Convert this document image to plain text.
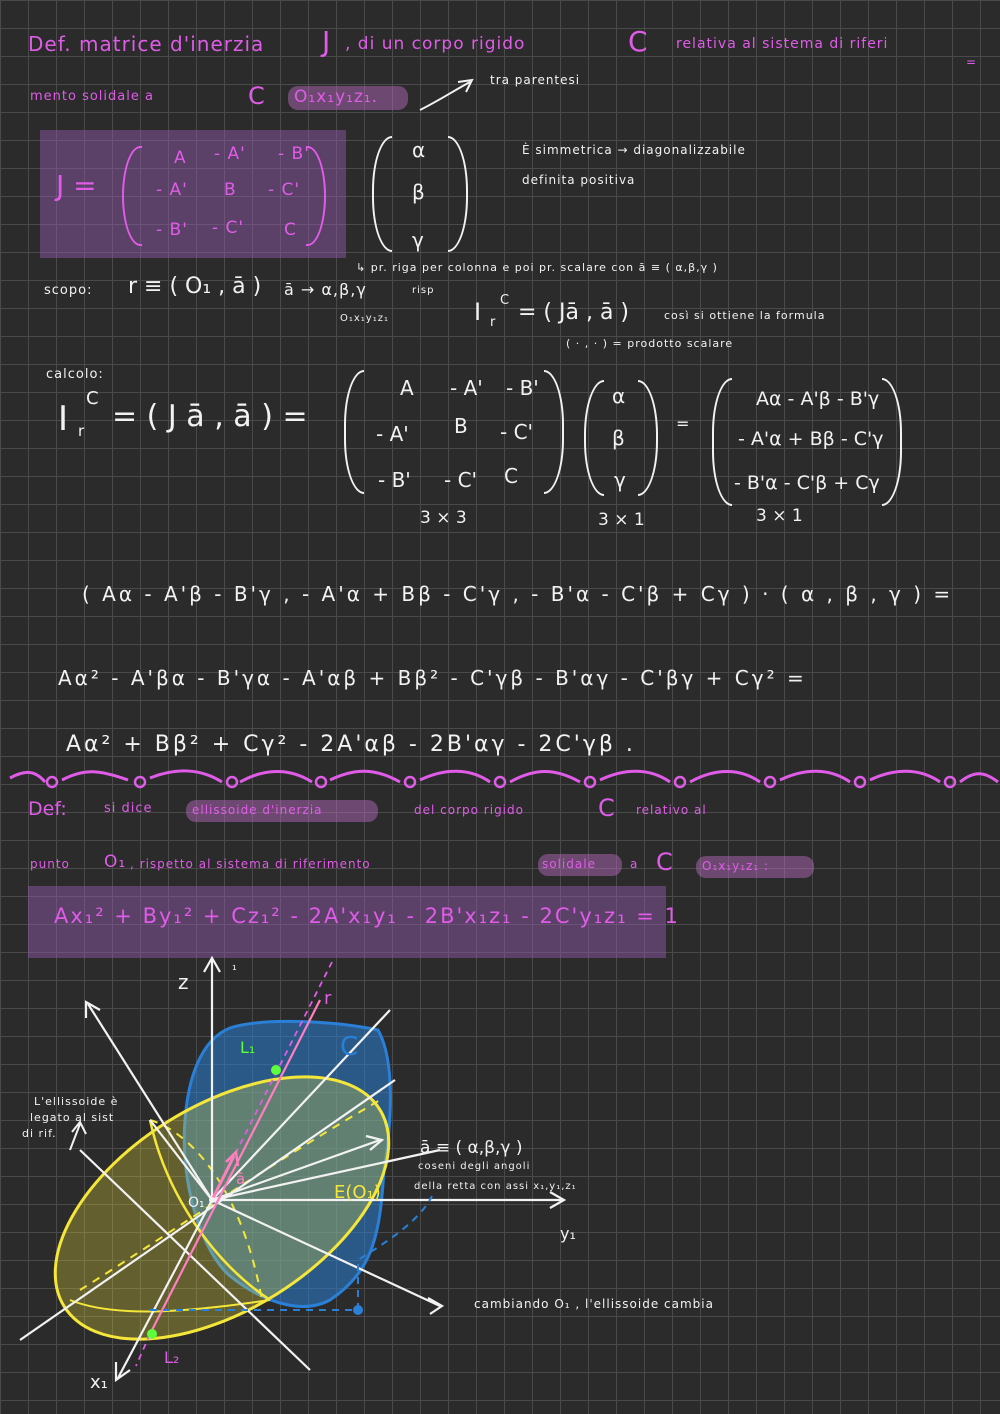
Def. matrice d'inerzia J , di un corpo rigido	C relativa al sistema di riferi
=
mento solidale a	C O₁x₁y₁z₁.
tra parentesi
J =
A - A' - B'
- A' B - C'
- B' - C' C
α
β
γ
È simmetrica → diagonalizzabile
definita positiva
scopo: r ≡ ( O₁ , ā ) ā → α,β,γ
O₁x₁y₁z₁
↳ pr. riga per colonna e poi pr. scalare con ā ≡ ( α,β,γ )
risp
I r
C = ( Jā , ā )	così si ottiene la formula
( · , · ) = prodotto scalare
calcolo:
I r
C
= ( J ā , ā ) =
A - A' - B'
- A' B - C'
- B' - C' C
α
β
γ
=
Aα - A'β - B'γ
- A'α + Bβ - C'γ
- B'α - C'β + Cγ
3 × 3	3 × 1	3 × 1
( Aα - A'β - B'γ , - A'α + Bβ - C'γ , - B'α - C'β + Cγ ) · ( α , β , γ ) =
Aα² - A'βα - B'γα - A'αβ + Bβ² - C'γβ - B'αγ - C'βγ + Cγ² =
Aα² + Bβ² + Cγ² - 2A'αβ - 2B'αγ - 2C'γβ .
Def:	si dice	ellissoide d'inerzia	del corpo rigido	C relativo al
punto O₁ , rispetto al sistema di riferimento	solidale	a C O₁x₁y₁z₁ :
Ax₁² + By₁² + Cz₁² - 2A'x₁y₁ - 2B'x₁z₁ - 2C'y₁z₁ = 1
z
₁
r
L₁
L₂
C
O₁
ā
E(O₁)
y₁
x₁
L'ellissoide è
legato al sist
di rif.
ā ≡ ( α,β,γ )
coseni degli angoli
della retta con assi x₁,y₁,z₁
cambiando O₁ , l'ellissoide cambia
